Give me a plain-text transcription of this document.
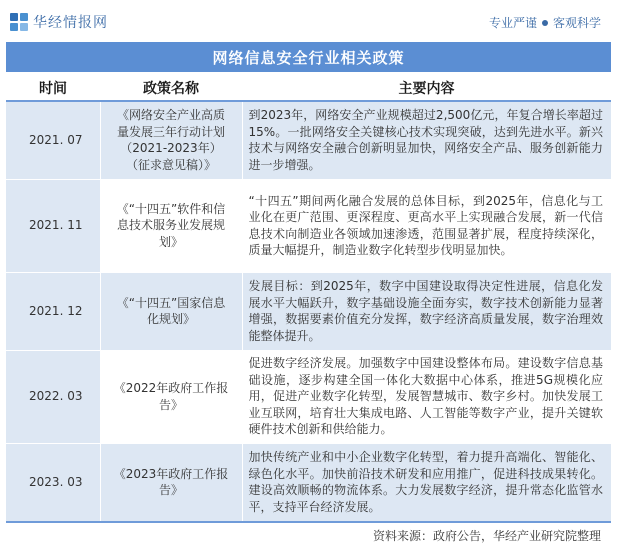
华经情报网	专业严谨 客观科学
网络信息安全行业相关政策
时间	政策名称	主要内容
2021. 07	《网络安全产业高质量发展三年行动计划（2021-2023年）（征求意见稿）》	到2023年，网络安全产业规模超过2,500亿元，年复合增长率超过15%。一批网络安全关键核心技术实现突破，达到先进水平。新兴技术与网络安全融合创新明显加快，网络安全产品、服务创新能力进一步增强。
2021. 11	《“十四五”软件和信息技术服务业发展规划》	“十四五”期间两化融合发展的总体目标，到2025年，信息化与工业化在更广范围、更深程度、更高水平上实现融合发展，新一代信息技术向制造业各领域加速渗透，范围显著扩展，程度持续深化，质量大幅提升，制造业数字化转型步伐明显加快。
2021. 12	《“十四五”国家信息化规划》	发展目标：到2025年，数字中国建设取得决定性进展，信息化发展水平大幅跃升，数字基础设施全面夯实，数字技术创新能力显著增强，数据要素价值充分发挥，数字经济高质量发展，数字治理效能整体提升。
2022. 03	《2022年政府工作报告》	促进数字经济发展。加强数字中国建设整体布局。建设数字信息基础设施，逐步构建全国一体化大数据中心体系，推进5G规模化应用，促进产业数字化转型，发展智慧城市、数字乡村。加快发展工业互联网，培育壮大集成电路、人工智能等数字产业，提升关键软硬件技术创新和供给能力。
2023. 03	《2023年政府工作报告》	加快传统产业和中小企业数字化转型，着力提升高端化、智能化、绿色化水平。加快前沿技术研发和应用推广，促进科技成果转化。建设高效顺畅的物流体系。大力发展数字经济，提升常态化监管水平，支持平台经济发展。
资料来源：政府公告，华经产业研究院整理
